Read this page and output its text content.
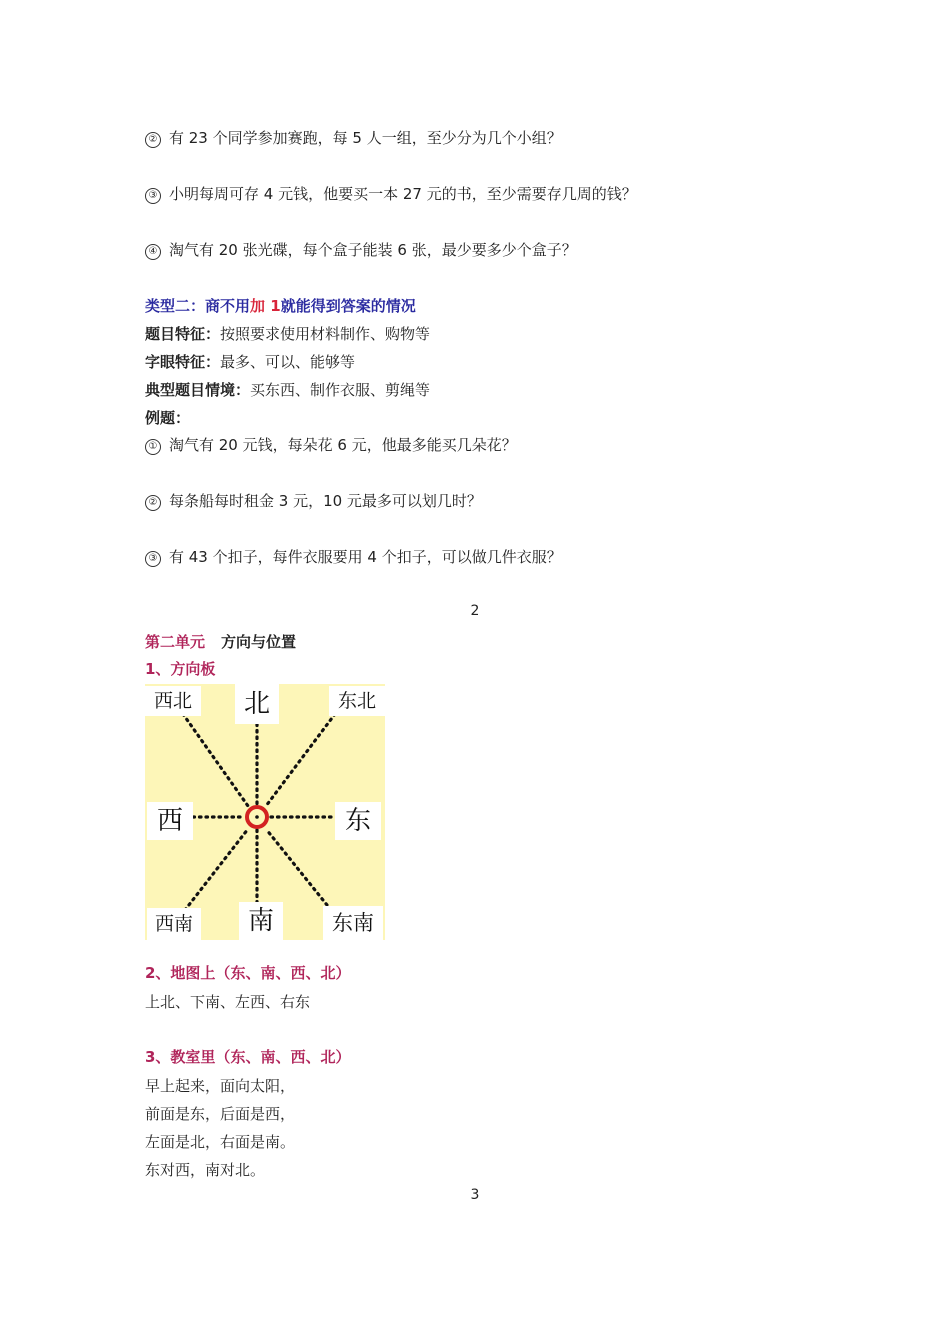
② 有 23 个同学参加赛跑，每 5 人一组，至少分为几个小组？
③ 小明每周可存 4 元钱，他要买一本 27 元的书，至少需要存几周的钱？
④ 淘气有 20 张光碟，每个盒子能装 6 张，最少要多少个盒子？
类型二：商不用加 1就能得到答案的情况
题目特征：按照要求使用材料制作、购物等
字眼特征：最多、可以、能够等
典型题目情境：买东西、制作衣服、剪绳等
例题：
① 淘气有 20 元钱，每朵花 6 元，他最多能买几朵花？
② 每条船每时租金 3 元，10 元最多可以划几时？
③ 有 43 个扣子，每件衣服要用 4 个扣子，可以做几件衣服？
2
第二单元 方向与位置
1、方向板
北
西北	东北
西	东
西南	南	东南
2、地图上（东、南、西、北）
上北、下南、左西、右东
3、教室里（东、南、西、北）
早上起来，面向太阳，
前面是东，后面是西，
左面是北，右面是南。
东对西，南对北。
3
